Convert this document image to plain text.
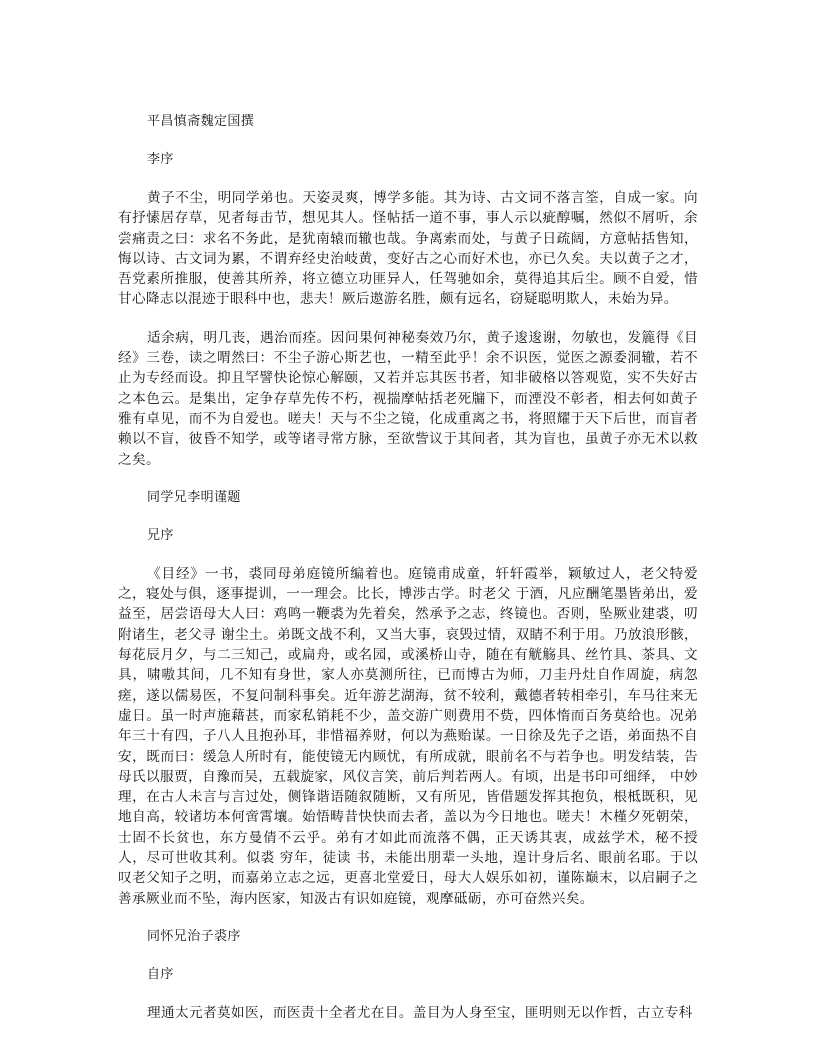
平昌慎斋魏定国撰

李序

黄子不尘，明同学弟也。天姿灵爽，博学多能。其为诗、古文词不落言筌，自成一家。向有抒愫居存草，见者每击节，想见其人。怪帖括一道不事，事人示以疵醇嘱，然似不屑听，余尝痛责之曰：求名不务此，是犹南辕而辙也哉。争离索而处，与黄子日疏阔，方意帖括售知，悔以诗、古文词为累，不谓弃经史治岐黄，变好古之心而好术也，亦已久矣。夫以黄子之才，吾党素所推服，使善其所养，将立德立功匪异人，任驾驰如余，莫得追其后尘。顾不自爱，惜甘心降志以混迹于眼科中也，悲夫！厥后遨游名胜，颇有远名，窃疑聪明欺人，未始为异。

适余病，明几丧，遇治而痊。因问果何神秘奏效乃尔，黄子逡逡谢，勿敏也，发簏得《目经》三卷，读之喟然曰：不尘子游心斯艺也，一精至此乎！余不识医，觉医之源委洞辙，若不止为专经而设。抑且罕譬快论惊心解颐，又若并忘其医书者，知非破格以答观览，实不失好古之本色云。是集出，定争存草先传不朽，视揣摩帖括老死牖下，而湮没不彰者，相去何如黄子雅有卓见，而不为自爱也。嗟夫！天与不尘之镜，化成重离之书，将照耀于天下后世，而盲者赖以不盲，彼昏不知学，或等诸寻常方脉，至欲訾议于其间者，其为盲也，虽黄子亦无术以救之矣。

同学兄李明谨题

兄序

《目经》一书，裘同母弟庭镜所编着也。庭镜甫成童，轩轩霞举，颖敏过人，老父特爱之，寝处与俱，逐事提训，一一理会。比长，博涉古学。时老父 于酒，凡应酬笔墨皆弟出，爱益至，居尝语母大人曰：鸡鸣一鞭裘为先着矣，然承予之志，终镜也。否则，坠厥业建裘，叨附诸生，老父寻 谢尘土。弟既文战不利，又当大事，哀毁过情，双睛不利于用。乃放浪形骸，每花辰月夕，与二三知己，或扁舟，或名园，或溪桥山寺，随在有觥觞具、丝竹具、茶具、文具，啸嗷其间，几不知有身世，家人亦莫测所往，已而博古为师，刀圭丹灶自作周旋，病忽瘥，遂以儒易医，不复问制科事矣。近年游艺湖海，贫不较利，戴德者转相牵引，车马往来无虚日。虽一时声施藉甚，而家私销耗不少，盖交游广则费用不赀，四体惰而百务莫给也。况弟年三十有四，子八人且抱孙耳，非惜福养财，何以为燕贻谋。一日徐及先子之语，弟面热不自安，既而曰：缓急人所时有，能使镜无内顾忧，有所成就，眼前名不与若争也。明发结装，告母氏以服贾，自豫而吴，五载旋家，风仪言笑，前后判若两人。有顷，出是书印可细绎， 中妙理，在古人未言与言过处，侧锋谐语随叙随断，又有所见，皆借题发挥其抱负，根柢既积，见地自高，较诸坊本何啻霄壤。始悟畴昔快快而去者，盖以为今日地也。嗟夫！木槿夕死朝荣，士固不长贫也，东方曼倩不云乎。弟有才如此而流落不偶，正天诱其衷，成兹学术，秘不授人，尽可世收其利。似裘 穷年，徒读 书，未能出朋辈一头地，遑计身后名、眼前名耶。于以叹老父知子之明，而嘉弟立志之远，更喜北堂爱日，母大人娱乐如初，谨陈巅末，以启嗣子之善承厥业而不坠，海内医家，知汲古有识如庭镜，观摩砥砺，亦可奋然兴矣。

同怀兄治子裘序

自序

理通太元者莫如医，而医责十全者尤在目。盖目为人身至宝，匪明则无以作哲，古立专科
